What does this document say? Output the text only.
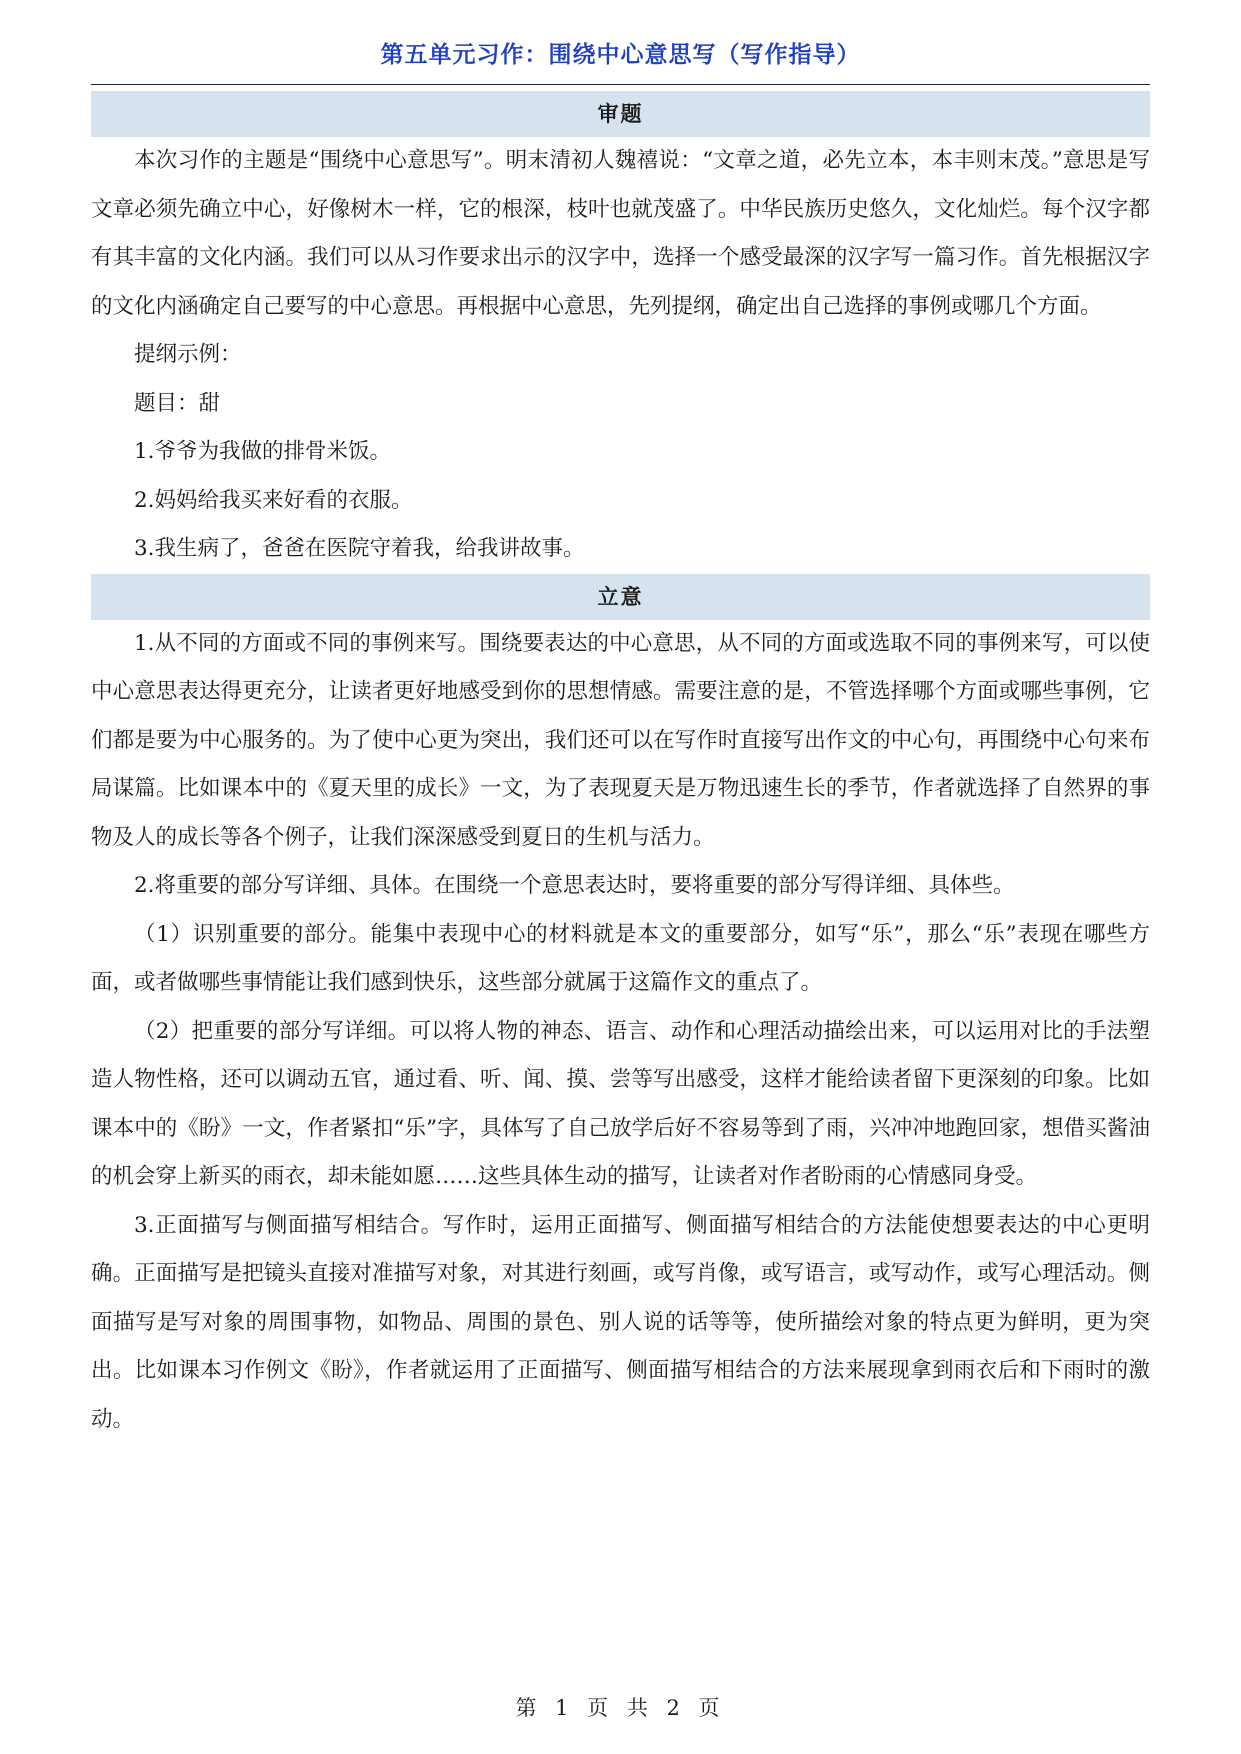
第五单元习作：围绕中心意思写（写作指导）
审题

本次习作的主题是“围绕中心意思写”。明末清初人魏禧说：“文章之道，必先立本，本丰则末茂。”意思是写文章必须先确立中心，好像树木一样，它的根深，枝叶也就茂盛了。中华民族历史悠久，文化灿烂。每个汉字都有其丰富的文化内涵。我们可以从习作要求出示的汉字中，选择一个感受最深的汉字写一篇习作。首先根据汉字的文化内涵确定自己要写的中心意思。再根据中心意思，先列提纲，确定出自己选择的事例或哪几个方面。

提纲示例：

题目：甜

1.爷爷为我做的排骨米饭。

2.妈妈给我买来好看的衣服。

3.我生病了，爸爸在医院守着我，给我讲故事。

立意

1.从不同的方面或不同的事例来写。围绕要表达的中心意思，从不同的方面或选取不同的事例来写，可以使中心意思表达得更充分，让读者更好地感受到你的思想情感。需要注意的是，不管选择哪个方面或哪些事例，它们都是要为中心服务的。为了使中心更为突出，我们还可以在写作时直接写出作文的中心句，再围绕中心句来布局谋篇。比如课本中的《夏天里的成长》一文，为了表现夏天是万物迅速生长的季节，作者就选择了自然界的事物及人的成长等各个例子，让我们深深感受到夏日的生机与活力。

2.将重要的部分写详细、具体。在围绕一个意思表达时，要将重要的部分写得详细、具体些。

（1）识别重要的部分。能集中表现中心的材料就是本文的重要部分，如写“乐”，那么“乐”表现在哪些方面，或者做哪些事情能让我们感到快乐，这些部分就属于这篇作文的重点了。

（2）把重要的部分写详细。可以将人物的神态、语言、动作和心理活动描绘出来，可以运用对比的手法塑造人物性格，还可以调动五官，通过看、听、闻、摸、尝等写出感受，这样才能给读者留下更深刻的印象。比如课本中的《盼》一文，作者紧扣“乐”字，具体写了自己放学后好不容易等到了雨，兴冲冲地跑回家，想借买酱油的机会穿上新买的雨衣，却未能如愿……这些具体生动的描写，让读者对作者盼雨的心情感同身受。

3.正面描写与侧面描写相结合。写作时，运用正面描写、侧面描写相结合的方法能使想要表达的中心更明确。正面描写是把镜头直接对准描写对象，对其进行刻画，或写肖像，或写语言，或写动作，或写心理活动。侧面描写是写对象的周围事物，如物品、周围的景色、别人说的话等等，使所描绘对象的特点更为鲜明，更为突出。比如课本习作例文《盼》，作者就运用了正面描写、侧面描写相结合的方法来展现拿到雨衣后和下雨时的激动。

第 1 页 共 2 页
